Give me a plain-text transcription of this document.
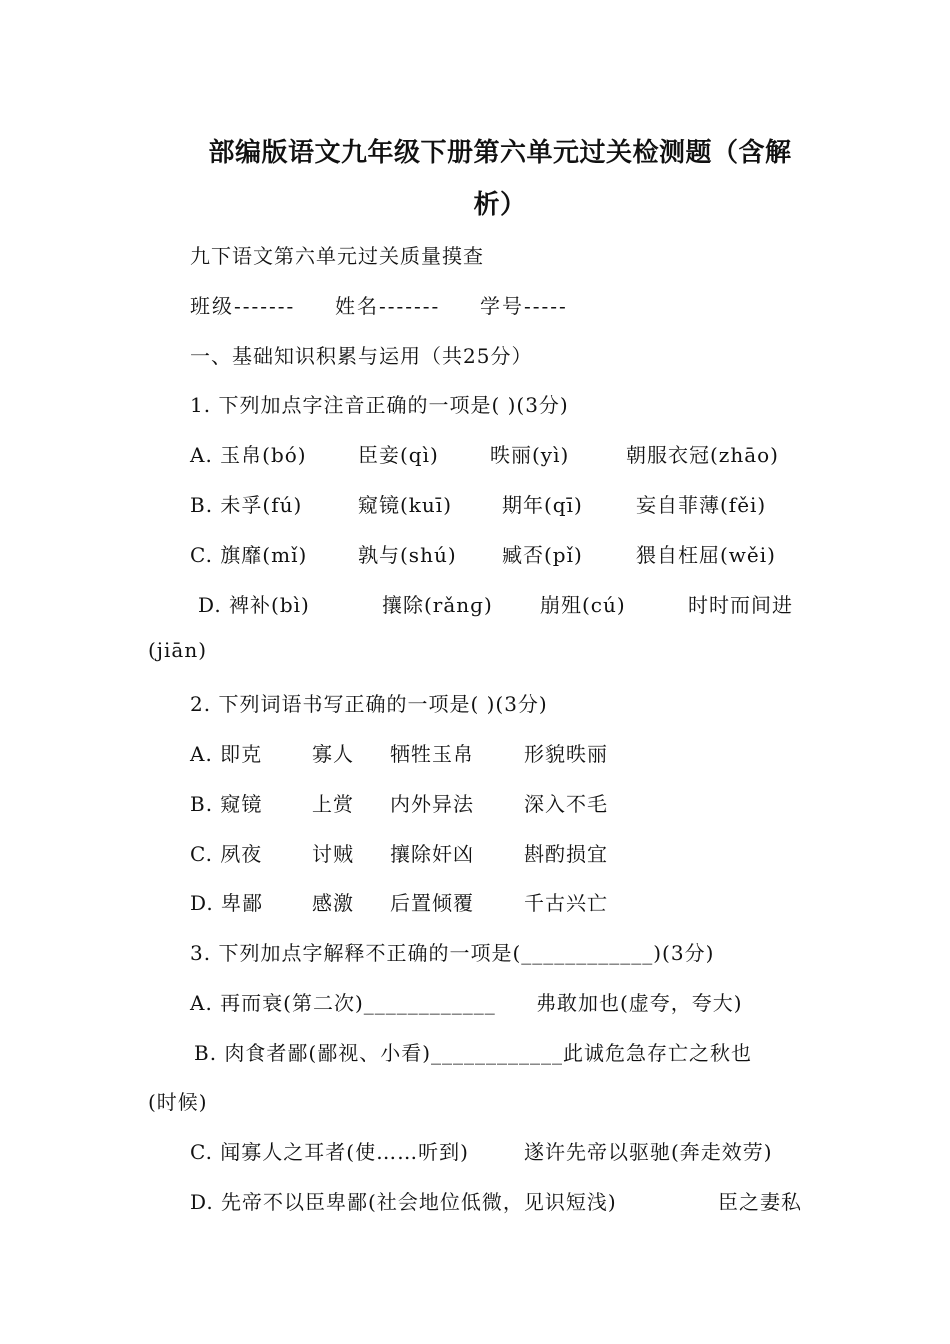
部编版语文九年级下册第六单元过关检测题（含解
析）
九下语文第六单元过关质量摸查
班级------- 姓名------- 学号-----
一、基础知识积累与运用（共25分）
1. 下列加点字注音正确的一项是( )(3分)
A. 玉帛(bó)	臣妾(qì)	昳丽(yì)	朝服衣冠(zhāo)
B. 未孚(fú)	窥镜(kuī) 期年(qī)	妄自菲薄(fěi)
C. 旗靡(mǐ)	孰与(shú) 臧否(pǐ)	猥自枉屈(wěi)
D. 裨补(bì)	攘除(rǎnɡ) 崩殂(cú)	时时而间进
(jiān)
2. 下列词语书写正确的一项是( )(3分)
A. 即克 寡人 牺牲玉帛	形貌昳丽
B. 窥镜 上赏 内外异法	深入不毛
C. 夙夜 讨贼 攘除奸凶	斟酌损宜
D. 卑鄙 感激 后置倾覆	千古兴亡
3. 下列加点字解释不正确的一项是(____________)(3分)
A. 再而衰(第二次)____________ 弗敢加也(虚夸，夸大)
B. 肉食者鄙(鄙视、小看)____________此诚危急存亡之秋也
(时候)
C. 闻寡人之耳者(使……听到)	遂许先帝以驱驰(奔走效劳)
D. 先帝不以臣卑鄙(社会地位低微，见识短浅)	臣之妻私
